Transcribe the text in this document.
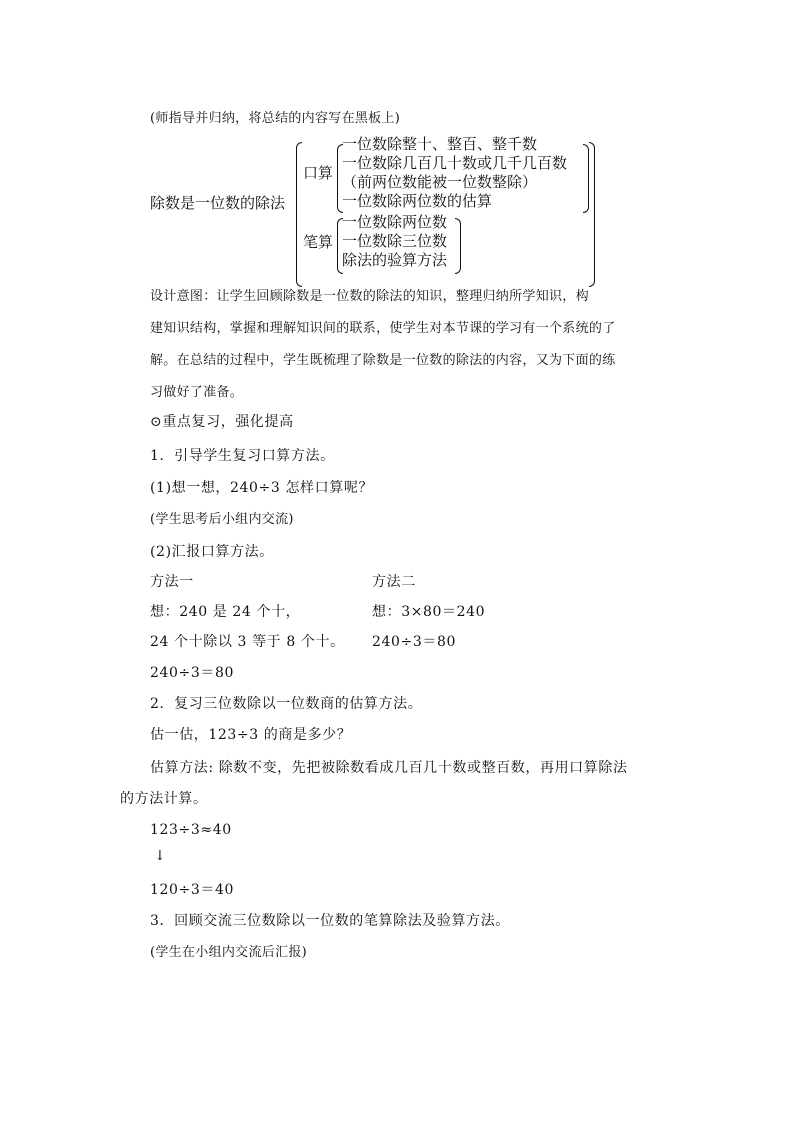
(师指导并归纳，将总结的内容写在黑板上)
除数是一位数的除法
口算
一位数除整十、整百、整千数
一位数除几百几十数或几千几百数
（前两位数能被一位数整除）
一位数除两位数的估算
笔算
一位数除两位数
一位数除三位数
除法的验算方法
设计意图：让学生回顾除数是一位数的除法的知识，整理归纳所学知识，构
建知识结构，掌握和理解知识间的联系，使学生对本节课的学习有一个系统的了
解。在总结的过程中，学生既梳理了除数是一位数的除法的内容，又为下面的练
习做好了准备。
⊙重点复习，强化提高
1．引导学生复习口算方法。
(1)想一想，240÷3 怎样口算呢？
(学生思考后小组内交流)
(2)汇报口算方法。
方法一
想：240 是 24 个十，
24 个十除以 3 等于 8 个十。
240÷3＝80
方法二
想：3×80＝240
240÷3＝80
2．复习三位数除以一位数商的估算方法。
估一估，123÷3 的商是多少？
估算方法: 除数不变，先把被除数看成几百几十数或整百数，再用口算除法
的方法计算。
123÷3≈40
↓
120÷3＝40
3．回顾交流三位数除以一位数的笔算除法及验算方法。
(学生在小组内交流后汇报)
